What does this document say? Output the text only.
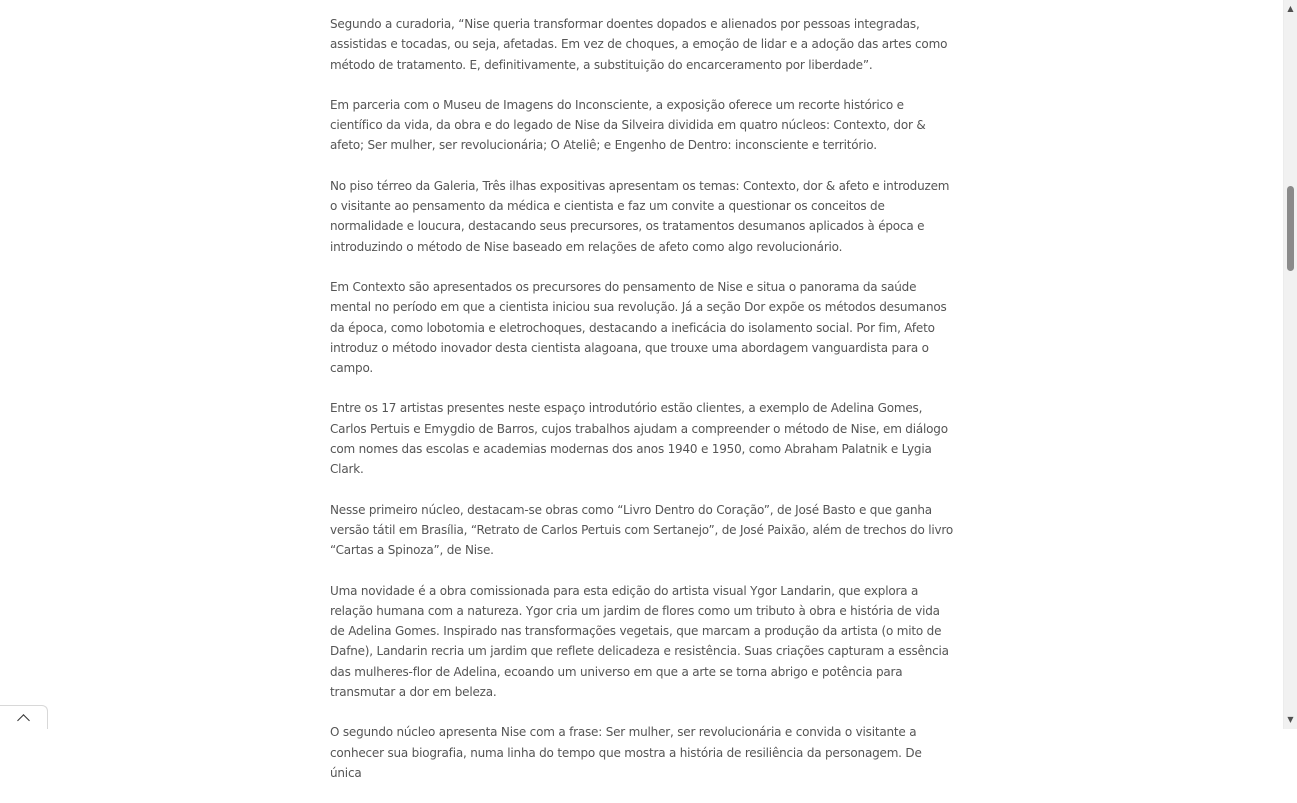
Segundo a curadoria, “Nise queria transformar doentes dopados e alienados por pessoas integradas, assistidas e tocadas, ou seja, afetadas. Em vez de choques, a emoção de lidar e a adoção das artes como método de tratamento. E, definitivamente, a substituição do encarceramento por liberdade”.

Em parceria com o Museu de Imagens do Inconsciente, a exposição oferece um recorte histórico e científico da vida, da obra e do legado de Nise da Silveira dividida em quatro núcleos: Contexto, dor & afeto; Ser mulher, ser revolucionária; O Ateliê; e Engenho de Dentro: inconsciente e território.

No piso térreo da Galeria, Três ilhas expositivas apresentam os temas: Contexto, dor & afeto e introduzem o visitante ao pensamento da médica e cientista e faz um convite a questionar os conceitos de normalidade e loucura, destacando seus precursores, os tratamentos desumanos aplicados à época e introduzindo o método de Nise baseado em relações de afeto como algo revolucionário.

Em Contexto são apresentados os precursores do pensamento de Nise e situa o panorama da saúde mental no período em que a cientista iniciou sua revolução. Já a seção Dor expõe os métodos desumanos da época, como lobotomia e eletrochoques, destacando a ineficácia do isolamento social. Por fim, Afeto introduz o método inovador desta cientista alagoana, que trouxe uma abordagem vanguardista para o campo.

Entre os 17 artistas presentes neste espaço introdutório estão clientes, a exemplo de Adelina Gomes, Carlos Pertuis e Emygdio de Barros, cujos trabalhos ajudam a compreender o método de Nise, em diálogo com nomes das escolas e academias modernas dos anos 1940 e 1950, como Abraham Palatnik e Lygia Clark.

Nesse primeiro núcleo, destacam-se obras como “Livro Dentro do Coração”, de José Basto e que ganha versão tátil em Brasília, “Retrato de Carlos Pertuis com Sertanejo”, de José Paixão, além de trechos do livro “Cartas a Spinoza”, de Nise.

Uma novidade é a obra comissionada para esta edição do artista visual Ygor Landarin, que explora a relação humana com a natureza. Ygor cria um jardim de flores como um tributo à obra e história de vida de Adelina Gomes. Inspirado nas transformações vegetais, que marcam a produção da artista (o mito de Dafne), Landarin recria um jardim que reflete delicadeza e resistência. Suas criações capturam a essência das mulheres-flor de Adelina, ecoando um universo em que a arte se torna abrigo e potência para transmutar a dor em beleza.

O segundo núcleo apresenta Nise com a frase: Ser mulher, ser revolucionária e convida o visitante a conhecer sua biografia, numa linha do tempo que mostra a história de resiliência da personagem. De única

▲
▼
